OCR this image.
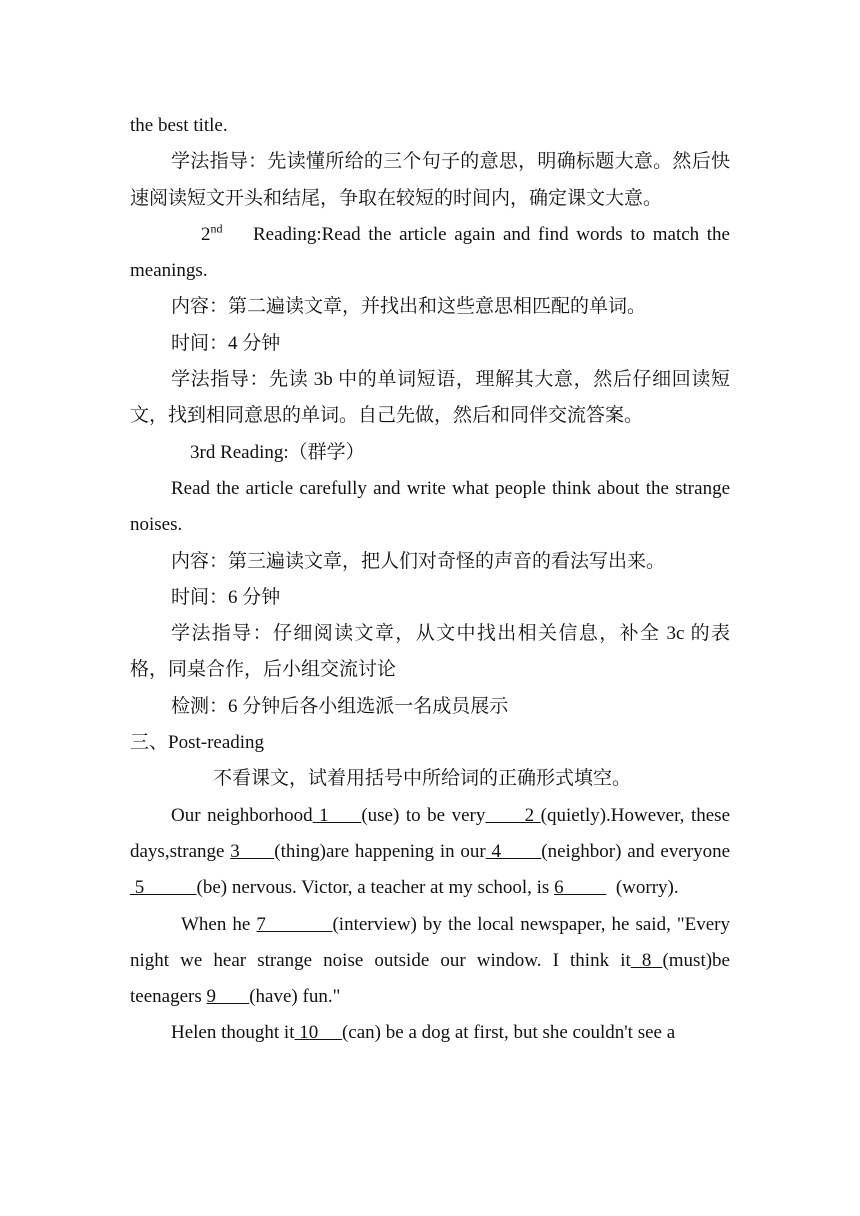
the best title.

学法指导：先读懂所给的三个句子的意思，明确标题大意。然后快速阅读短文开头和结尾，争取在较短的时间内，确定课文大意。

2nd    Reading:Read the article again and find words to match the meanings.

内容：第二遍读文章，并找出和这些意思相匹配的单词。

时间：4 分钟

学法指导：先读 3b 中的单词短语，理解其大意，然后仔细回读短文，找到相同意思的单词。自己先做，然后和同伴交流答案。

3rd Reading:（群学）

Read the article carefully and write what people think about the strange noises.

内容：第三遍读文章，把人们对奇怪的声音的看法写出来。

时间：6 分钟

学法指导：仔细阅读文章，从文中找出相关信息，补全 3c 的表格，同桌合作，后小组交流讨论

检测：6 分钟后各小组选派一名成员展示

三、Post-reading

不看课文，试着用括号中所给词的正确形式填空。

Our neighborhood 1     (use) to be very      2 (quietly).However, these days,strange 3      (thing)are happening in our 4       (neighbor) and everyone 5           (be) nervous. Victor, a teacher at my school, is 6           (worry).

When he 7           (interview) by the local newspaper, he said, "Every night we hear strange noise outside our window. I think it 8 (must)be teenagers 9       (have) fun."

Helen thought it 10     (can) be a dog at first, but she couldn't see a
